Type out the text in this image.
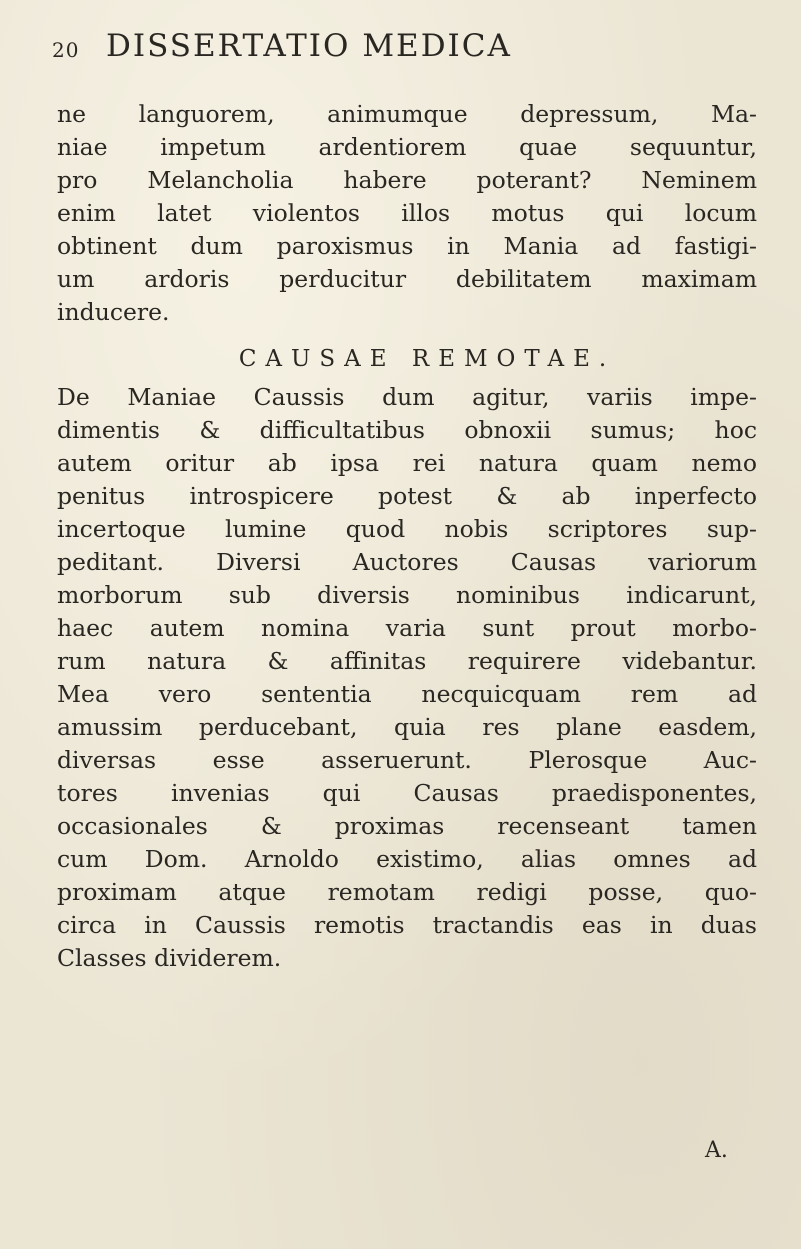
20 DISSERTATIO MEDICA
ne languorem, animumque depressum, Ma-
niae impetum ardentiorem quae sequuntur,
pro Melancholia habere poterant? Neminem
enim latet violentos illos motus qui locum
obtinent dum paroxismus in Mania ad fastigi-
um ardoris perducitur debilitatem maximam
inducere.
CAUSAE REMOTAE.
De Maniae Caussis dum agitur, variis impe-
dimentis & difficultatibus obnoxii sumus; hoc
autem oritur ab ipsa rei natura quam nemo
penitus introspicere potest & ab inperfecto
incertoque lumine quod nobis scriptores sup-
peditant. Diversi Auctores Causas variorum
morborum sub diversis nominibus indicarunt,
haec autem nomina varia sunt prout morbo-
rum natura & affinitas requirere videbantur.
Mea vero sententia necquicquam rem ad
amussim perducebant, quia res plane easdem,
diversas esse asseruerunt. Plerosque Auc-
tores invenias qui Causas praedisponentes,
occasionales & proximas recenseant tamen
cum Dom. Arnoldo existimo, alias omnes ad
proximam atque remotam redigi posse, quo-
circa in Caussis remotis tractandis eas in duas
Classes dividerem.
A.
